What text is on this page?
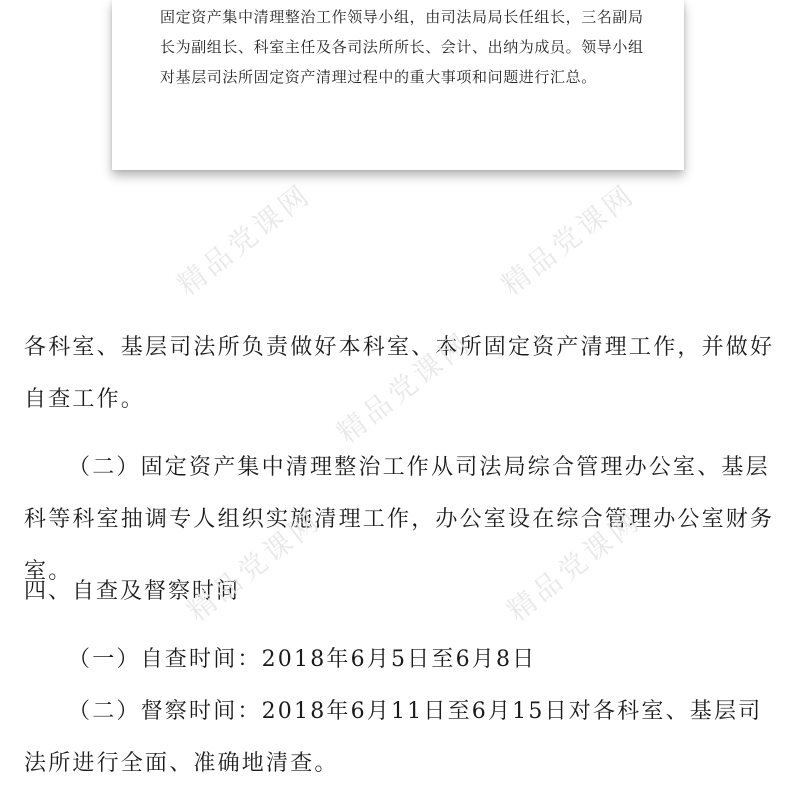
固定资产集中清理整治工作领导小组，由司法局局长任组长，三名副局长为副组长、科室主任及各司法所所长、会计、出纳为成员。领导小组对基层司法所固定资产清理过程中的重大事项和问题进行汇总。

精品党课网	精品党课网
精品党课网
精品党课网	精品党课网

各科室、基层司法所负责做好本科室、本所固定资产清理工作，并做好自查工作。

（二）固定资产集中清理整治工作从司法局综合管理办公室、基层科等科室抽调专人组织实施清理工作，办公室设在综合管理办公室财务室。

四、自查及督察时间

（一）自查时间：2018年6月5日至6月8日

（二）督察时间：2018年6月11日至6月15日对各科室、基层司法所进行全面、准确地清查。
